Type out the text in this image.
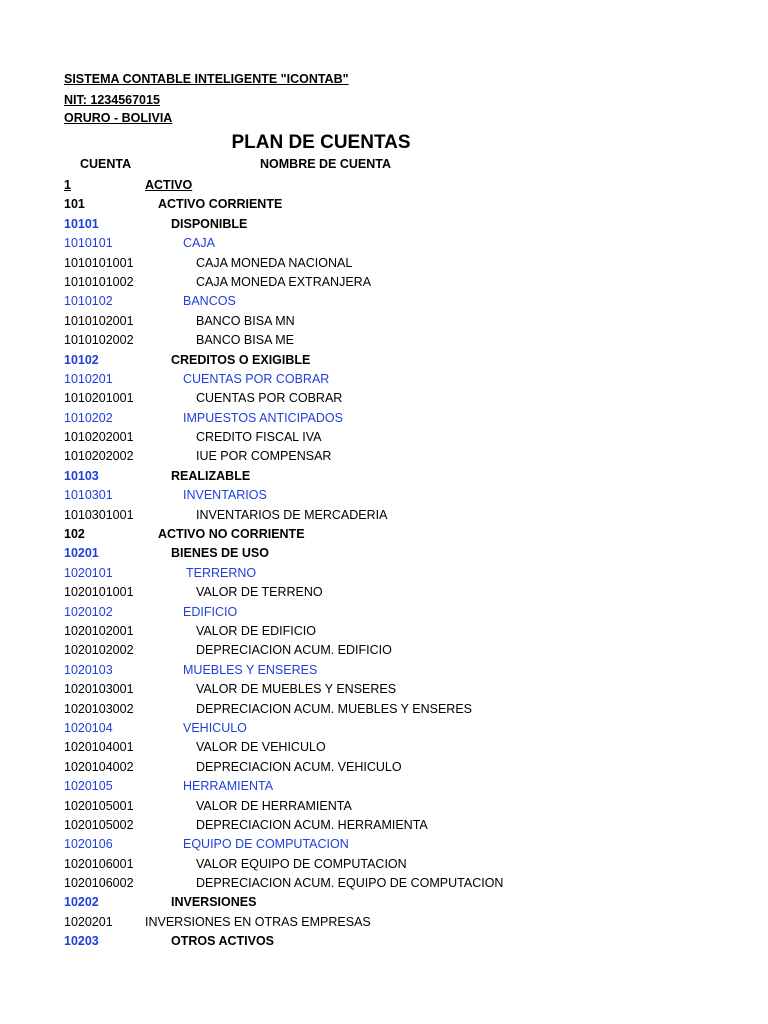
SISTEMA CONTABLE INTELIGENTE "ICONTAB"
NIT: 1234567015
ORURO - BOLIVIA
PLAN DE CUENTAS
CUENTA	NOMBRE DE CUENTA
1	ACTIVO
101	ACTIVO CORRIENTE
10101	DISPONIBLE
1010101	CAJA
1010101001	CAJA MONEDA NACIONAL
1010101002	CAJA MONEDA EXTRANJERA
1010102	BANCOS
1010102001	BANCO BISA MN
1010102002	BANCO BISA ME
10102	CREDITOS O EXIGIBLE
1010201	CUENTAS POR COBRAR
1010201001	CUENTAS POR COBRAR
1010202	IMPUESTOS ANTICIPADOS
1010202001	CREDITO FISCAL IVA
1010202002	IUE POR COMPENSAR
10103	REALIZABLE
1010301	INVENTARIOS
1010301001	INVENTARIOS DE MERCADERIA
102	ACTIVO NO CORRIENTE
10201	BIENES DE USO
1020101	TERRERNO
1020101001	VALOR DE TERRENO
1020102	EDIFICIO
1020102001	VALOR DE EDIFICIO
1020102002	DEPRECIACION ACUM. EDIFICIO
1020103	MUEBLES Y ENSERES
1020103001	VALOR DE MUEBLES Y ENSERES
1020103002	DEPRECIACION ACUM. MUEBLES Y ENSERES
1020104	VEHICULO
1020104001	VALOR DE VEHICULO
1020104002	DEPRECIACION ACUM. VEHICULO
1020105	HERRAMIENTA
1020105001	VALOR DE HERRAMIENTA
1020105002	DEPRECIACION ACUM. HERRAMIENTA
1020106	EQUIPO DE COMPUTACION
1020106001	VALOR EQUIPO DE COMPUTACION
1020106002	DEPRECIACION ACUM. EQUIPO DE COMPUTACION
10202	INVERSIONES
1020201	INVERSIONES EN OTRAS EMPRESAS
10203	OTROS ACTIVOS
